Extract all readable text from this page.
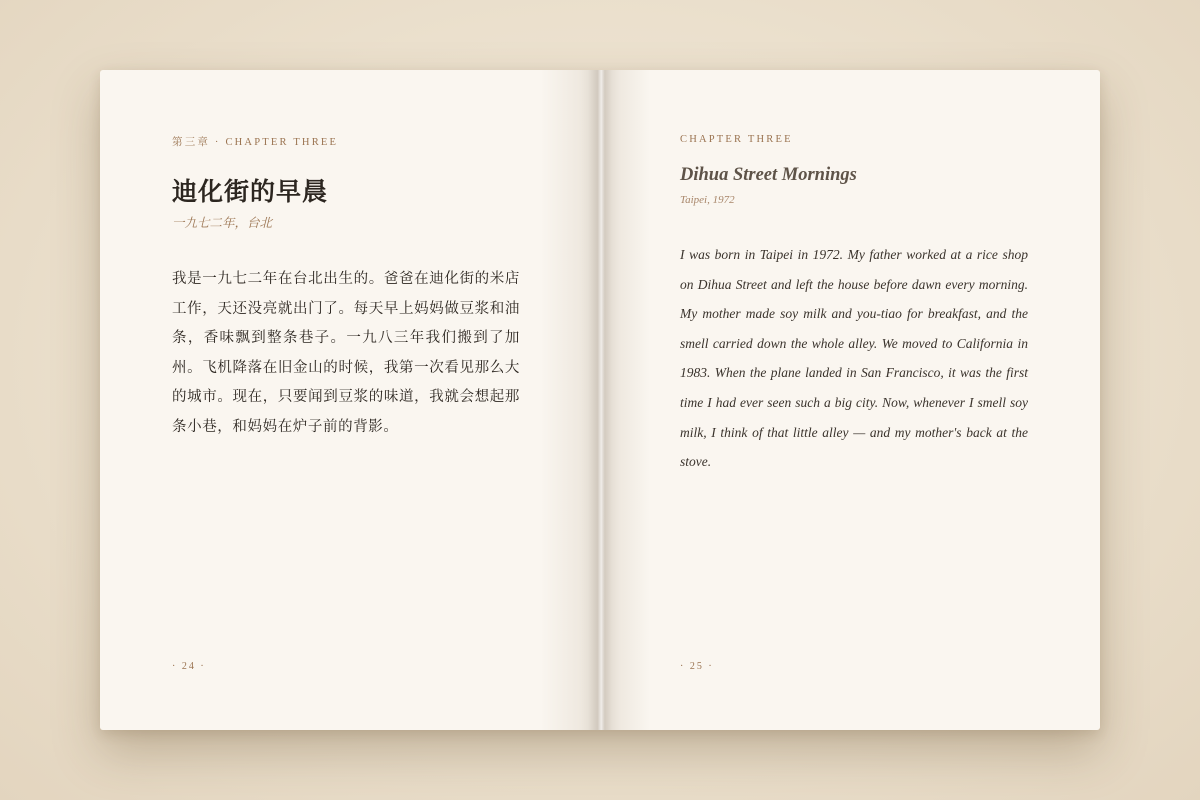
第三章 · CHAPTER THREE

迪化街的早晨

一九七二年，台北

我是一九七二年在台北出生的。爸爸在迪化街的米店工作，天还没亮就出门了。每天早上妈妈做豆浆和油条，香味飘到整条巷子。一九八三年我们搬到了加州。飞机降落在旧金山的时候，我第一次看见那么大的城市。现在，只要闻到豆浆的味道，我就会想起那条小巷，和妈妈在炉子前的背影。

· 24 ·

CHAPTER THREE

Dihua Street Mornings

Taipei, 1972

I was born in Taipei in 1972. My father worked at a rice shop on Dihua Street and left the house before dawn every morning. My mother made soy milk and you-tiao for breakfast, and the smell carried down the whole alley. We moved to California in 1983. When the plane landed in San Francisco, it was the first time I had ever seen such a big city. Now, whenever I smell soy milk, I think of that little alley — and my mother's back at the stove.

· 25 ·
